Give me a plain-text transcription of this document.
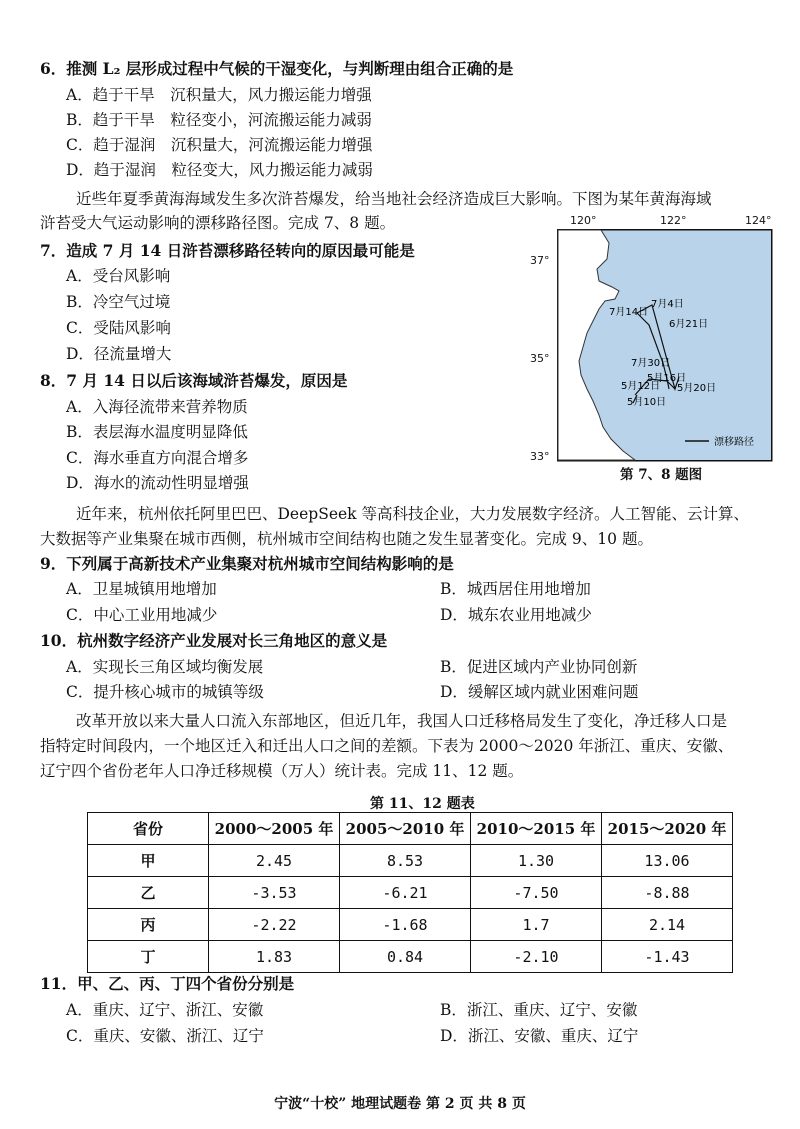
6．推测 L₂ 层形成过程中气候的干湿变化，与判断理由组合正确的是
A．趋于干旱　沉积量大，风力搬运能力增强
B．趋于干旱　粒径变小，河流搬运能力减弱
C．趋于湿润　沉积量大，河流搬运能力增强
D．趋于湿润　粒径变大，风力搬运能力减弱
近些年夏季黄海海域发生多次浒苔爆发，给当地社会经济造成巨大影响。下图为某年黄海海域
浒苔受大气运动影响的漂移路径图。完成 7、8 题。
7．造成 7 月 14 日浒苔漂移路径转向的原因最可能是
A．受台风影响
B．冷空气过境
C．受陆风影响
D．径流量增大
8．7 月 14 日以后该海域浒苔爆发，原因是
A．入海径流带来营养物质
B．表层海水温度明显降低
C．海水垂直方向混合增多
D．海水的流动性明显增强
120°	122°	124°
37°
35°
33°
7月4日
7月14日
6月21日
7月30日
5月16日
5月12日 5月20日
5月10日
漂移路径
第 7、8 题图
近年来，杭州依托阿里巴巴、DeepSeek 等高科技企业，大力发展数字经济。人工智能、云计算、
大数据等产业集聚在城市西侧，杭州城市空间结构也随之发生显著变化。完成 9、10 题。
9．下列属于高新技术产业集聚对杭州城市空间结构影响的是
A．卫星城镇用地增加	B．城西居住用地增加
C．中心工业用地减少	D．城东农业用地减少
10．杭州数字经济产业发展对长三角地区的意义是
A．实现长三角区域均衡发展	B．促进区域内产业协同创新
C．提升核心城市的城镇等级	D．缓解区域内就业困难问题
改革开放以来大量人口流入东部地区，但近几年，我国人口迁移格局发生了变化，净迁移人口是
指特定时间段内，一个地区迁入和迁出人口之间的差额。下表为 2000～2020 年浙江、重庆、安徽、
辽宁四个省份老年人口净迁移规模（万人）统计表。完成 11、12 题。
第 11、12 题表
省份	2000～2005 年	2005～2010 年	2010～2015 年	2015～2020 年
甲	2.45	8.53	1.30	13.06
乙	-3.53	-6.21	-7.50	-8.88
丙	-2.22	-1.68	1.7	2.14
丁	1.83	0.84	-2.10	-1.43
11．甲、乙、丙、丁四个省份分别是
A．重庆、辽宁、浙江、安徽	B．浙江、重庆、辽宁、安徽
C．重庆、安徽、浙江、辽宁	D．浙江、安徽、重庆、辽宁
宁波“十校” 地理试题卷 第 2 页 共 8 页
